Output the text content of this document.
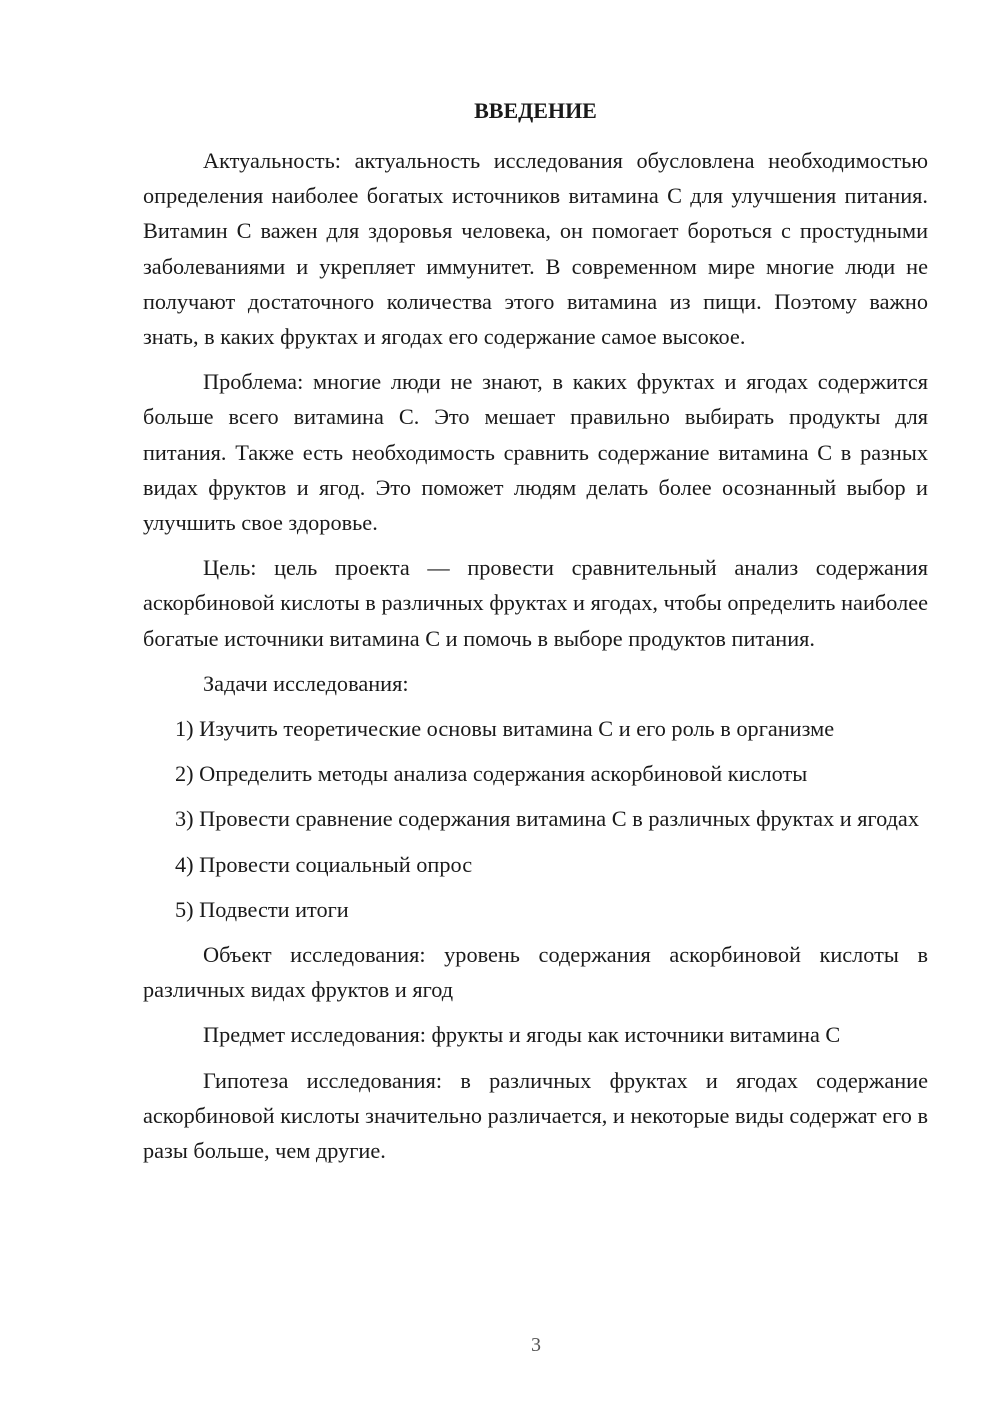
ВВЕДЕНИЕ

Актуальность: актуальность исследования обусловлена необходимостью определения наиболее богатых источников витамина С для улучшения питания. Витамин С важен для здоровья человека, он помогает бороться с простудными заболеваниями и укрепляет иммунитет. В современном мире многие люди не получают достаточного количества этого витамина из пищи. Поэтому важно знать, в каких фруктах и ягодах его содержание самое высокое.

Проблема: многие люди не знают, в каких фруктах и ягодах содержится больше всего витамина С. Это мешает правильно выбирать продукты для питания. Также есть необходимость сравнить содержание витамина С в разных видах фруктов и ягод. Это поможет людям делать более осознанный выбор и улучшить свое здоровье.

Цель: цель проекта — провести сравнительный анализ содержания аскорбиновой кислоты в различных фруктах и ягодах, чтобы определить наиболее богатые источники витамина С и помочь в выборе продуктов питания.

Задачи исследования:

1) Изучить теоретические основы витамина С и его роль в организме

2) Определить методы анализа содержания аскорбиновой кислоты

3) Провести сравнение содержания витамина С в различных фруктах и ягодах

4) Провести социальный опрос

5) Подвести итоги

Объект исследования: уровень содержания аскорбиновой кислоты в различных видах фруктов и ягод

Предмет исследования: фрукты и ягоды как источники витамина С

Гипотеза исследования: в различных фруктах и ягодах содержание аскорбиновой кислоты значительно различается, и некоторые виды содержат его в разы больше, чем другие.

3
